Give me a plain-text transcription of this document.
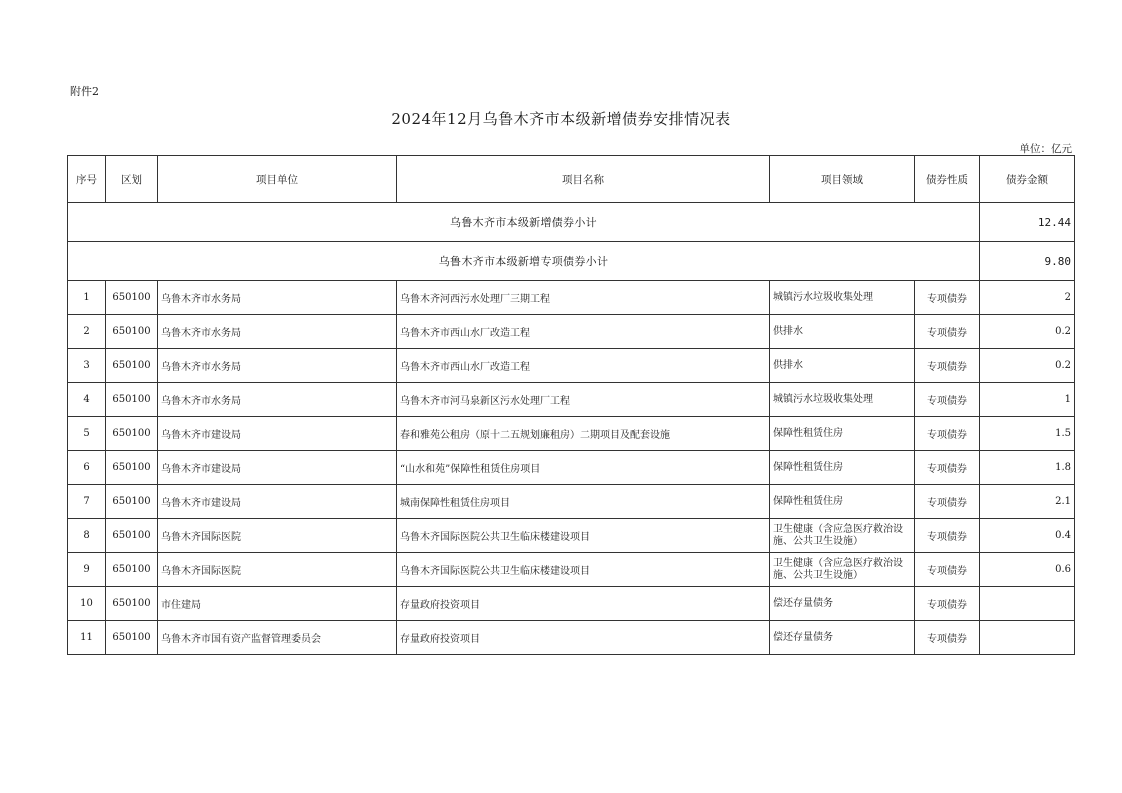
附件2
2024年12月乌鲁木齐市本级新增债券安排情况表
单位：亿元
序号	区划	项目单位	项目名称	项目领域	债券性质	债券金额
乌鲁木齐市本级新增债券小计						12.44
乌鲁木齐市本级新增专项债券小计						9.80
1	650100	乌鲁木齐市水务局	乌鲁木齐河西污水处理厂三期工程	城镇污水垃圾收集处理	专项债券	2
2	650100	乌鲁木齐市水务局	乌鲁木齐市西山水厂改造工程	供排水	专项债券	0.2
3	650100	乌鲁木齐市水务局	乌鲁木齐市西山水厂改造工程	供排水	专项债券	0.2
4	650100	乌鲁木齐市水务局	乌鲁木齐市河马泉新区污水处理厂工程	城镇污水垃圾收集处理	专项债券	1
5	650100	乌鲁木齐市建设局	春和雅苑公租房（原十二五规划廉租房）二期项目及配套设施	保障性租赁住房	专项债券	1.5
6	650100	乌鲁木齐市建设局	“山水和苑”保障性租赁住房项目	保障性租赁住房	专项债券	1.8
7	650100	乌鲁木齐市建设局	城南保障性租赁住房项目	保障性租赁住房	专项债券	2.1
8	650100	乌鲁木齐国际医院	乌鲁木齐国际医院公共卫生临床楼建设项目	卫生健康（含应急医疗救治设施、公共卫生设施）	专项债券	0.4
9	650100	乌鲁木齐国际医院	乌鲁木齐国际医院公共卫生临床楼建设项目	卫生健康（含应急医疗救治设施、公共卫生设施）	专项债券	0.6
10	650100	市住建局	存量政府投资项目	偿还存量债务	专项债券	
11	650100	乌鲁木齐市国有资产监督管理委员会	存量政府投资项目	偿还存量债务	专项债券	
